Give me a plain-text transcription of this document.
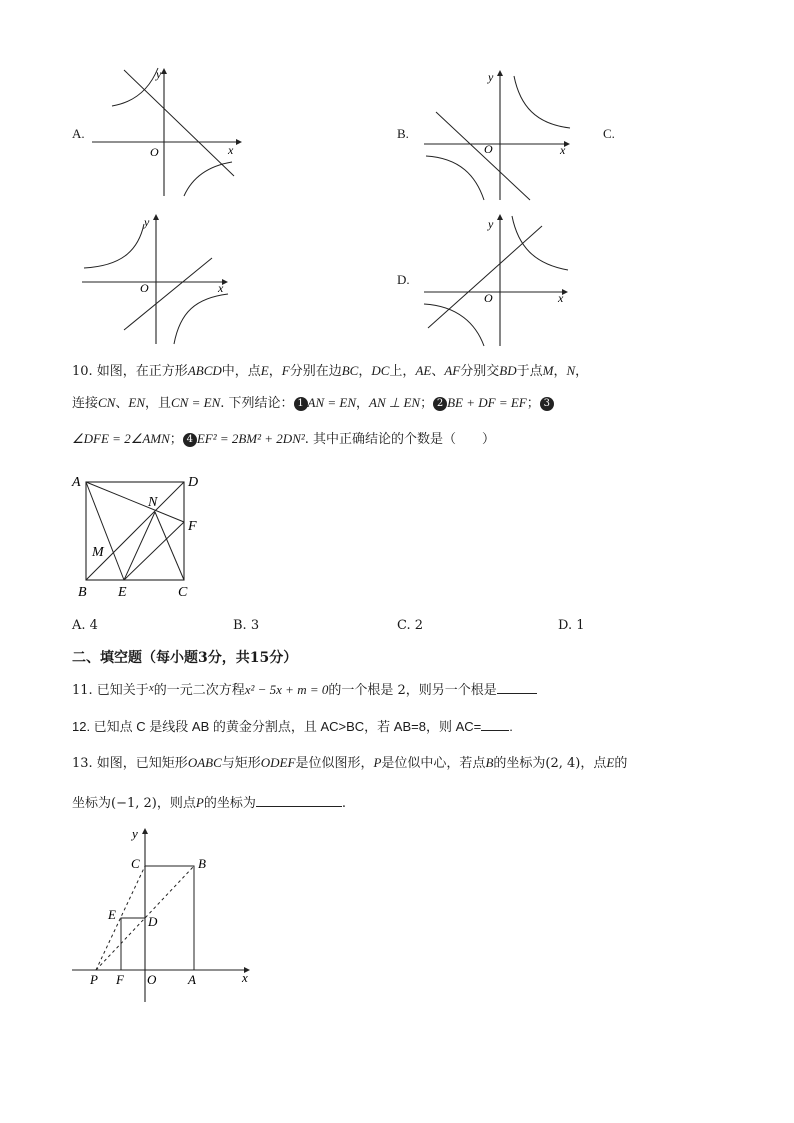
A.
y
x
O
B.
y
x
O
C.
y
x
O
D.
y
x
O
10. 如图，在正方形ABCD中，点E，F分别在边BC，DC上，AE、AF分别交BD于点M，N，
连接CN、EN，且CN = EN. 下列结论： 1 AN = EN，AN ⊥ EN； 2 BE + DF = EF； 3
∠DFE = 2∠AMN； 4 EF² = 2BM² + 2DN². 其中正确结论的个数是（　　）
A	D
N
F
M
B E	C
A. 4	B. 3	C. 2	D. 1
二、填空题（每小题3分，共15分）
11. 已知关于$^x$的一元二次方程x² − 5x + m = 0的一个根是 2，则另一个根是
12. 已知点 C 是线段 AB 的黄金分割点，且 AC>BC，若 AB=8，则 AC= .
13. 如图，已知矩形OABC与矩形ODEF是位似图形，P是位似中心，若点B的坐标为(2, 4)，点E的
坐标为(−1, 2)，则点P的坐标为	.
y
C	B
E D
P F O A	x
